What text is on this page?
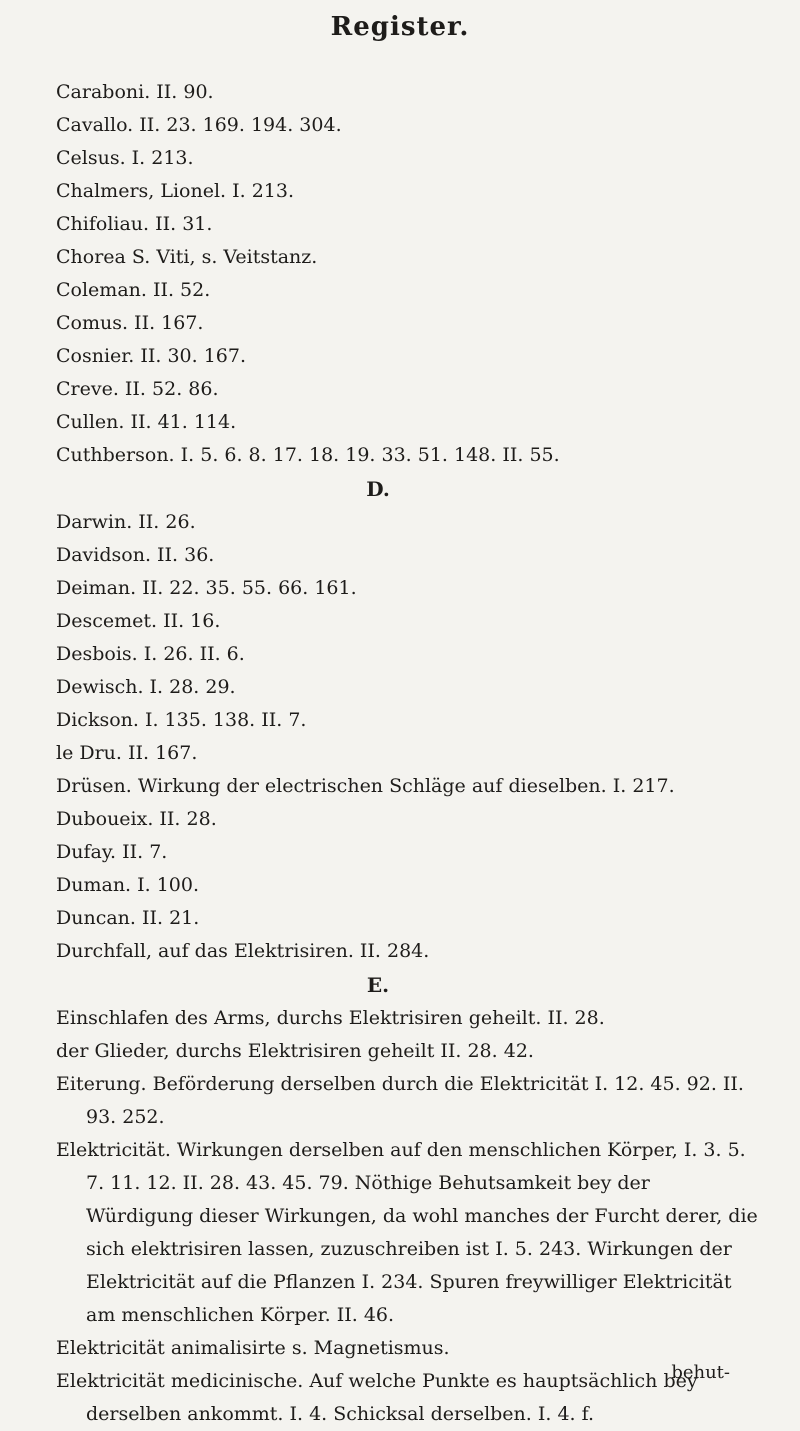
Register.
Caraboni. II. 90.
Cavallo. II. 23. 169. 194. 304.
Celsus. I. 213.
Chalmers, Lionel. I. 213.
Chifoliau. II. 31.
Chorea S. Viti, s. Veitstanz.
Coleman. II. 52.
Comus. II. 167.
Cosnier. II. 30. 167.
Creve. II. 52. 86.
Cullen. II. 41. 114.
Cuthberson. I. 5. 6. 8. 17. 18. 19. 33. 51. 148. II. 55.
D.
Darwin. II. 26.
Davidson. II. 36.
Deiman. II. 22. 35. 55. 66. 161.
Descemet. II. 16.
Desbois. I. 26. II. 6.
Dewisch. I. 28. 29.
Dickson. I. 135. 138. II. 7.
le Dru. II. 167.
Drüsen. Wirkung der electrischen Schläge auf dieselben. I. 217.
Duboueix. II. 28.
Dufay. II. 7.
Duman. I. 100.
Duncan. II. 21.
Durchfall, auf das Elektrisiren. II. 284.
E.
Einschlafen des Arms, durchs Elektrisiren geheilt. II. 28.
der Glieder, durchs Elektrisiren geheilt II. 28. 42.
Eiterung. Beförderung derselben durch die Elektricität I. 12. 45. 92. II. 93. 252.
Elektricität. Wirkungen derselben auf den menschlichen Körper, I. 3. 5. 7. 11. 12. II. 28. 43. 45. 79. Nöthige Behutsamkeit bey der Würdigung dieser Wirkungen, da wohl manches der Furcht derer, die sich elektrisiren lassen, zuzuschreiben ist I. 5. 243. Wirkungen der Elektricität auf die Pflanzen I. 234. Spuren freywilliger Elektricität am menschlichen Körper. II. 46.
Elektricität animalisirte s. Magnetismus.
Elektricität medicinische. Auf welche Punkte es hauptsächlich bey derselben ankommt. I. 4. Schicksal derselben. I. 4. f.
behut-
